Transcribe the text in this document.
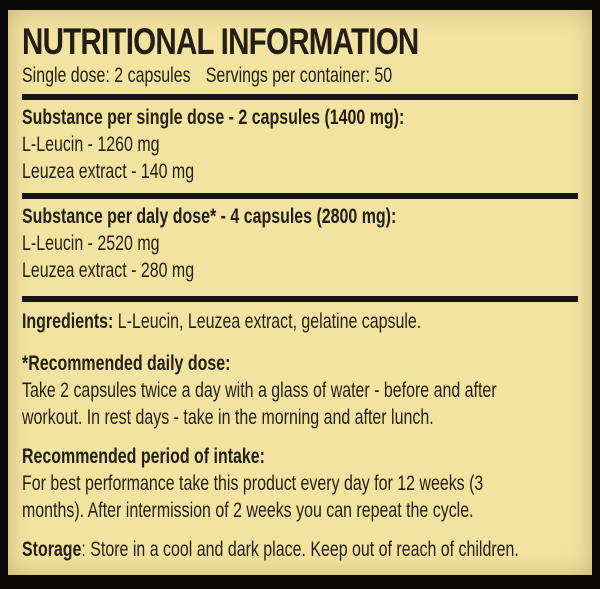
NUTRITIONAL INFORMATION
Single dose: 2 capsules Servings per container: 50
Substance per single dose - 2 capsules (1400 mg):
L-Leucin - 1260 mg
Leuzea extract - 140 mg
Substance per daly dose* - 4 capsules (2800 mg):
L-Leucin - 2520 mg
Leuzea extract - 280 mg
Ingredients: L-Leucin, Leuzea extract, gelatine capsule.
*Recommended daily dose:
Take 2 capsules twice a day with a glass of water - before and after
workout. In rest days - take in the morning and after lunch.
Recommended period of intake:
For best performance take this product every day for 12 weeks (3
months). After intermission of 2 weeks you can repeat the cycle.
Storage: Store in a cool and dark place. Keep out of reach of children.
